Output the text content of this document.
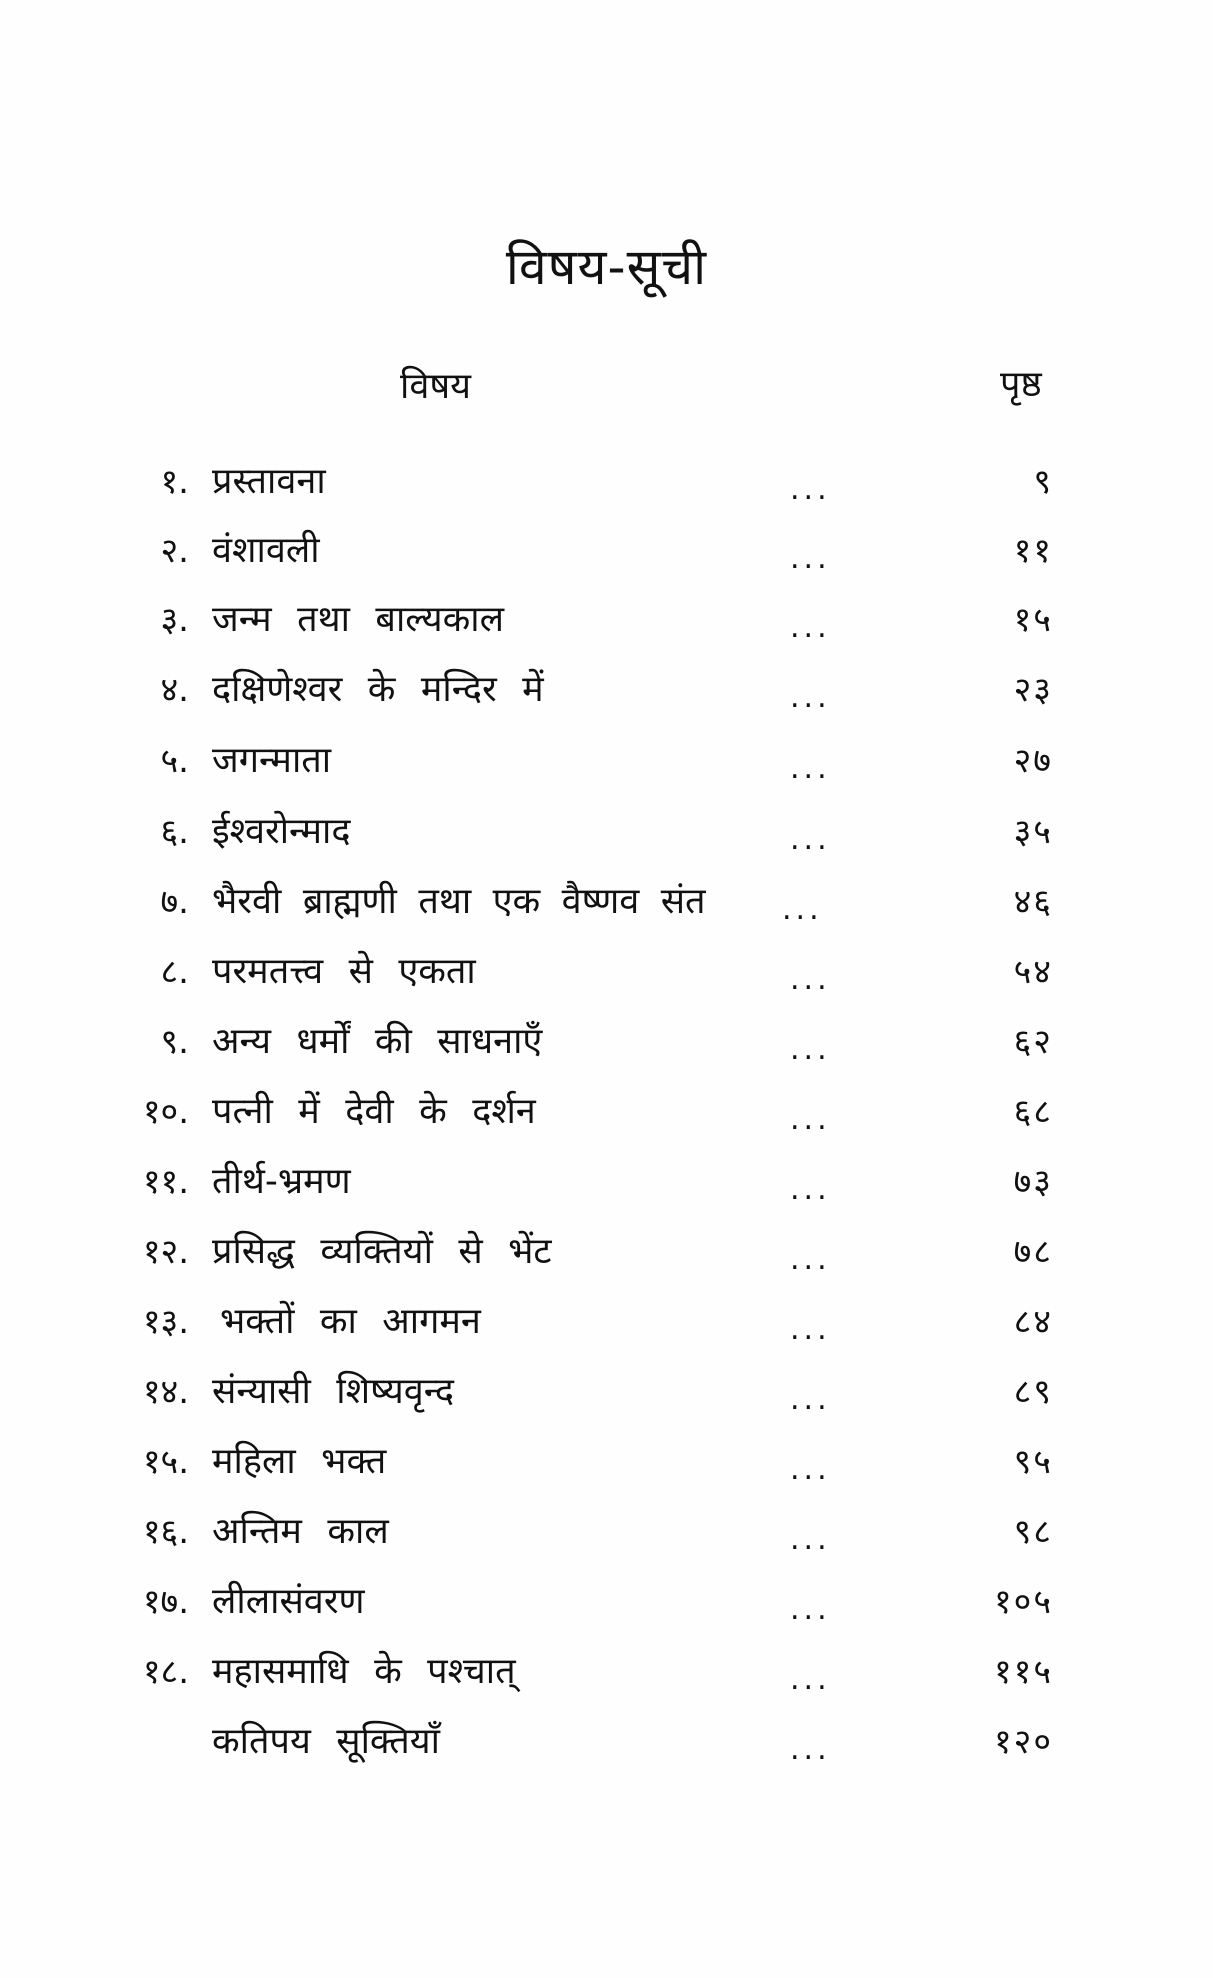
विषय-सूची
विषय	पृष्ठ
१. प्रस्तावना	...	९
२. वंशावली	...	११
३. जन्म तथा बाल्यकाल	...	१५
४. दक्षिणेश्वर के मन्दिर में	...	२३
५. जगन्माता	...	२७
६. ईश्वरोन्माद	...	३५
७. भैरवी ब्राह्मणी तथा एक वैष्णव संत	...	४६
८. परमतत्त्व से एकता	...	५४
९. अन्य धर्मों की साधनाएँ	...	६२
१०. पत्नी में देवी के दर्शन	...	६८
११. तीर्थ-भ्रमण	...	७३
१२. प्रसिद्ध व्यक्तियों से भेंट	...	७८
१३. भक्तों का आगमन	...	८४
१४. संन्यासी शिष्यवृन्द	...	८९
१५. महिला भक्त	...	९५
१६. अन्तिम काल	...	९८
१७. लीलासंवरण	...	१०५
१८. महासमाधि के पश्चात्	...	११५
कतिपय सूक्तियाँ	...	१२०
